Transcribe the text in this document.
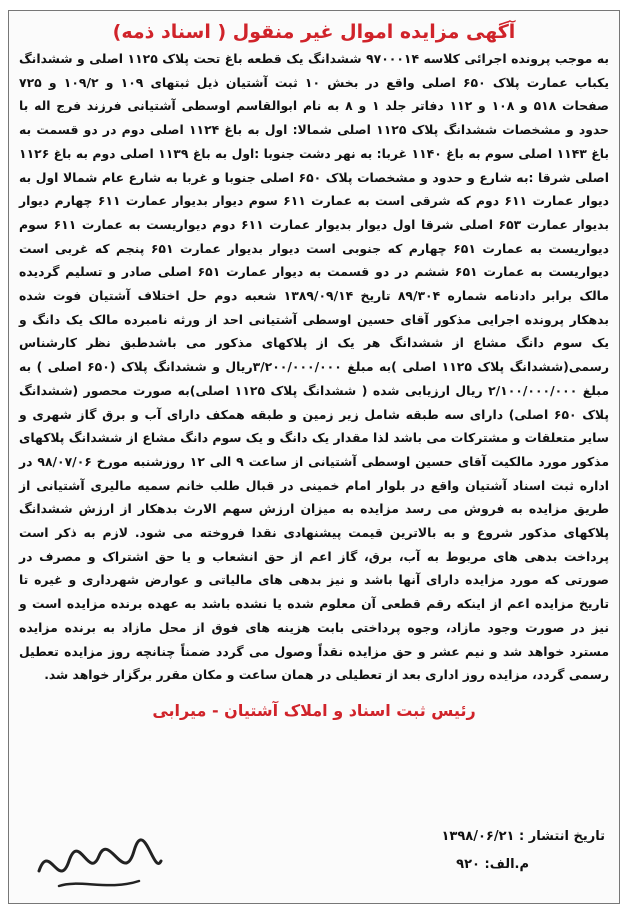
آگهی مزایده اموال غیر منقول ( اسناد ذمه)
به موجب پرونده اجرائی کلاسه ۹۷۰۰۰۱۴ ششدانگ یک قطعه باغ تحت پلاک ۱۱۲۵ اصلی و ششدانگ یکباب عمارت پلاک ۶۵۰ اصلی واقع در بخش ۱۰ ثبت آشتیان ذیل ثبتهای ۱۰۹ و ۱۰۹/۲ و ۷۲۵ صفحات ۵۱۸ و ۱۰۸ و ۱۱۲ دفاتر جلد ۱ و ۸ به نام ابوالقاسم اوسطی آشتیانی فرزند فرج اله با حدود و مشخصات ششدانگ پلاک ۱۱۲۵ اصلی شمالا: اول به باغ ۱۱۲۴ اصلی دوم در دو قسمت به باغ ۱۱۴۳ اصلی سوم به باغ ۱۱۴۰ غربا: به نهر دشت جنوبا :اول به باغ ۱۱۳۹ اصلی دوم به باغ ۱۱۲۶ اصلی شرقا :به شارع و حدود و مشخصات پلاک ۶۵۰ اصلی جنوبا و غربا به شارع عام شمالا اول به دیوار عمارت ۶۱۱ دوم که شرقی است به عمارت ۶۱۱ سوم دیوار بدیوار عمارت ۶۱۱ چهارم دیوار بدیوار عمارت ۶۵۳ اصلی شرقا اول دیوار بدیوار عمارت ۶۱۱ دوم دیواریست به عمارت ۶۱۱ سوم دیواریست به عمارت ۶۵۱ چهارم که جنوبی است دیوار بدیوار عمارت ۶۵۱ پنجم که غربی است دیواریست به عمارت ۶۵۱ ششم در دو قسمت به دیوار عمارت ۶۵۱ اصلی صادر و تسلیم گردیده مالک برابر دادنامه شماره ۸۹/۳۰۴ تاریخ ۱۳۸۹/۰۹/۱۴ شعبه دوم حل اختلاف آشتیان فوت شده بدهکار پرونده اجرایی مذکور آقای حسین اوسطی آشتیانی احد از ورثه نامبرده مالک یک دانگ و یک سوم دانگ مشاع از ششدانگ هر یک از پلاکهای مذکور می باشدطبق نظر کارشناس رسمی(ششدانگ پلاک ۱۱۲۵ اصلی )به مبلغ ۳/۲۰۰/۰۰۰/۰۰۰ریال و ششدانگ پلاک (۶۵۰ اصلی ) به مبلغ ۲/۱۰۰/۰۰۰/۰۰۰ ریال ارزیابی شده ( ششدانگ پلاک ۱۱۲۵ اصلی)به صورت محصور (ششدانگ پلاک ۶۵۰ اصلی) دارای سه طبقه شامل زیر زمین و طبقه همکف دارای آب و برق گاز شهری و سایر متعلقات و مشترکات می باشد لذا مقدار یک دانگ و یک سوم دانگ مشاع از ششدانگ پلاکهای مذکور مورد مالکیت آقای حسین اوسطی آشتیانی از ساعت ۹ الی ۱۲ روزشنبه مورخ ۹۸/۰۷/۰۶ در اداره ثبت اسناد آشتیان واقع در بلوار امام خمینی در قبال طلب خانم سمیه مالیری آشتیانی از طریق مزایده به فروش می رسد مزایده به میزان ارزش سهم الارث بدهکار از ارزش ششدانگ پلاکهای مذکور شروع و به بالاترین قیمت پیشنهادی نقدا فروخته می شود. لازم به ذکر است پرداخت بدهی های مربوط به آب، برق، گاز اعم از حق انشعاب و یا حق اشتراک و مصرف در صورتی که مورد مزایده دارای آنها باشد و نیز بدهی های مالیاتی و عوارض شهرداری و غیره تا تاریخ مزایده اعم از اینکه رقم قطعی آن معلوم شده یا نشده باشد به عهده برنده مزایده است و نیز در صورت وجود مازاد، وجوه پرداختی بابت هزینه های فوق از محل مازاد به برنده مزایده مسترد خواهد شد و نیم عشر و حق مزایده نقداً وصول می گردد ضمناً چنانچه روز مزایده تعطیل رسمی گردد، مزایده روز اداری بعد از تعطیلی در همان ساعت و مکان مقرر برگزار خواهد شد.
رئیس ثبت اسناد و املاک آشتیان - میرابی
تاریخ انتشار : ۱۳۹۸/۰۶/۲۱
م.الف: ۹۲۰
